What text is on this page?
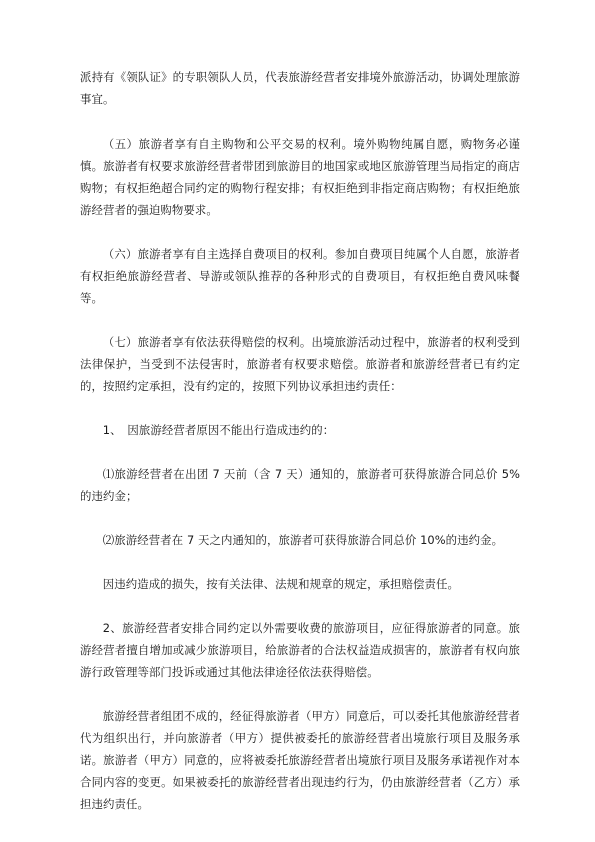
派持有《领队证》的专职领队人员，代表旅游经营者安排境外旅游活动，协调处理旅游事宜。

（五）旅游者享有自主购物和公平交易的权利。境外购物纯属自愿，购物务必谨慎。旅游者有权要求旅游经营者带团到旅游目的地国家或地区旅游管理当局指定的商店购物；有权拒绝超合同约定的购物行程安排；有权拒绝到非指定商店购物；有权拒绝旅游经营者的强迫购物要求。

（六）旅游者享有自主选择自费项目的权利。参加自费项目纯属个人自愿，旅游者有权拒绝旅游经营者、导游或领队推荐的各种形式的自费项目，有权拒绝自费风味餐等。

（七）旅游者享有依法获得赔偿的权利。出境旅游活动过程中，旅游者的权利受到法律保护，当受到不法侵害时，旅游者有权要求赔偿。旅游者和旅游经营者已有约定的，按照约定承担，没有约定的，按照下列协议承担违约责任：

1、　因旅游经营者原因不能出行造成违约的：

⑴旅游经营者在出团 7 天前（含 7 天）通知的，旅游者可获得旅游合同总价 5%的违约金；

⑵旅游经营者在 7 天之内通知的，旅游者可获得旅游合同总价 10%的违约金。

因违约造成的损失，按有关法律、法规和规章的规定，承担赔偿责任。

2、旅游经营者安排合同约定以外需要收费的旅游项目，应征得旅游者的同意。旅游经营者擅自增加或减少旅游项目，给旅游者的合法权益造成损害的，旅游者有权向旅游行政管理等部门投诉或通过其他法律途径依法获得赔偿。

旅游经营者组团不成的，经征得旅游者（甲方）同意后，可以委托其他旅游经营者代为组织出行，并向旅游者（甲方）提供被委托的旅游经营者出境旅行项目及服务承诺。旅游者（甲方）同意的，应将被委托旅游经营者出境旅行项目及服务承诺视作对本合同内容的变更。如果被委托的旅游经营者出现违约行为，仍由旅游经营者（乙方）承担违约责任。
